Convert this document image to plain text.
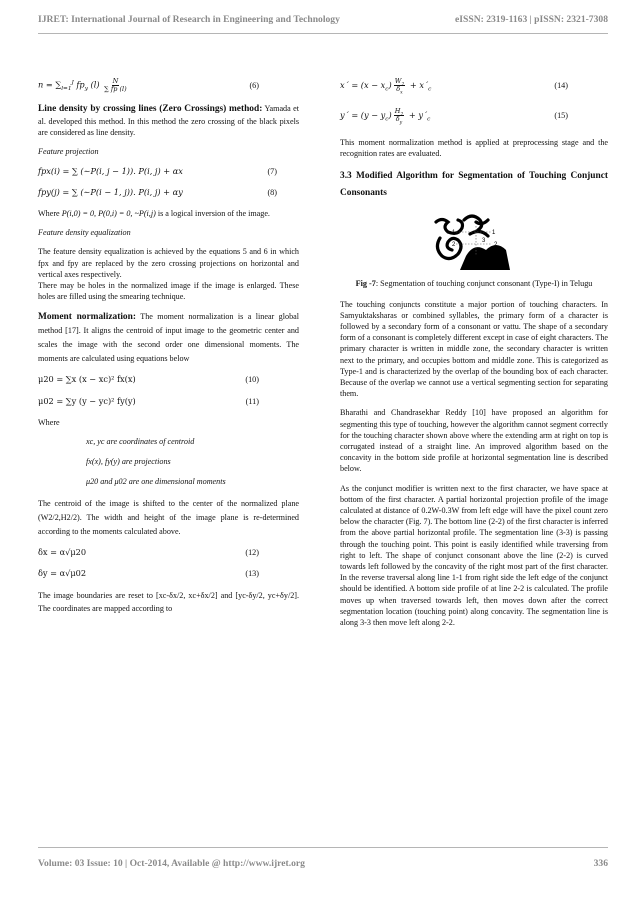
IJRET: International Journal of Research in Engineering and Technology	eISSN: 2319-1163 | pISSN: 2321-7308
$n = \sum_{l=1}^J$ $fp_y$ $(l) \frac{N}{\sum fp (l)}$	(6)

Line density by crossing lines (Zero Crossings) method: Yamada et al. developed this method. In this method the zero crossing of the black pixels are considered as line density.

Feature projection

fpx(i) = ∑ (∼P(i, j − 1)). P(i, j) + αx	(7)
fpy(j) = ∑ (∼P(i − 1, j)). P(i, j) + αy	(8)

Where P(i,0) = 0, P(0,i) = 0, ~P(i,j) is a logical inversion of the image.

Feature density equalization

The feature density equalization is achieved by the equations 5 and 6 in which fpx and fpy are replaced by the zero crossing projections on horizontal and vertical axes respectively.

There may be holes in the normalized image if the image is enlarged. These holes are filled using the smearing technique.

Moment normalization: The moment normalization is a linear global method [17]. It aligns the centroid of input image to the geometric center and scales the image with the second order one dimensional moments. The moments are calculated using equations below

μ20 = ∑x (x − xc)² fx(x)	(10)
μ02 = ∑y (y − yc)² fy(y)	(11)

Where

xc, yc are coordinates of centroid

fx(x), fy(y) are projections

μ20 and μ02 are one dimensional moments

The centroid of the image is shifted to the center of the normalized plane (W2/2,H2/2). The width and height of the image plane is re-determined according to the moments calculated above.

δx = α√μ20	(12)
δy = α√μ02	(13)

The image boundaries are reset to [xc-δx/2, xc+δx/2] and [yc-δy/2, yc+δy/2]. The coordinates are mapped according to

$x΄ = (x - x_c) \frac{W_2}{\delta_x} + x΄_c$	(14)
$y΄ = (y - y_c) \frac{H_2}{\delta_y} + y΄_c$	(15)

This moment normalization method is applied at preprocessing stage and the recognition rates are evaluated.

3.3 Modified Algorithm for Segmentation of Touching Conjunct Consonants

1
2
3
2
1

Fig -7: Segmentation of touching conjunct consonant (Type-I) in Telugu

The touching conjuncts constitute a major portion of touching characters. In Samyuktaksharas or combined syllables, the primary form of a character is followed by a secondary form of a consonant or vattu. The shape of a secondary form of a consonant is completely different except in case of eight characters. The primary character is written in middle zone, the secondary character is written next to the primary, and occupies bottom and middle zone. This is categorized as Type-1 and is characterized by the overlap of the bounding box of each character. Because of the overlap we cannot use a vertical segmenting section for separating them.

Bharathi and Chandrasekhar Reddy [10] have proposed an algorithm for segmenting this type of touching, however the algorithm cannot segment correctly for the touching character shown above where the extending arm at right on top is corrugated instead of a straight line. An improved algorithm based on the concavity in the bottom side profile at horizontal segmentation line is described below.

As the conjunct modifier is written next to the first character, we have space at bottom of the first character. A partial horizontal projection profile of the image calculated at distance of 0.2W-0.3W from left edge will have the pixel count zero below the character (Fig. 7). The bottom line (2-2) of the first character is inferred from the above partial horizontal profile. The segmentation line (3-3) is passing through the touching point. This point is easily identified while traversing from right to left. The shape of conjunct consonant above the line (2-2) is curved towards left followed by the concavity of the right most part of the first character. In the reverse traversal along line 1-1 from right side the left edge of the conjunct should be identified. A bottom side profile of at line 2-2 is calculated. The profile moves up when traversed towards left, then moves down after the correct segmentation location (touching point) along concavity. The segmentation line is along 3-3 then move left along 2-2.

Volume: 03 Issue: 10 | Oct-2014, Available @ http://www.ijret.org	336
